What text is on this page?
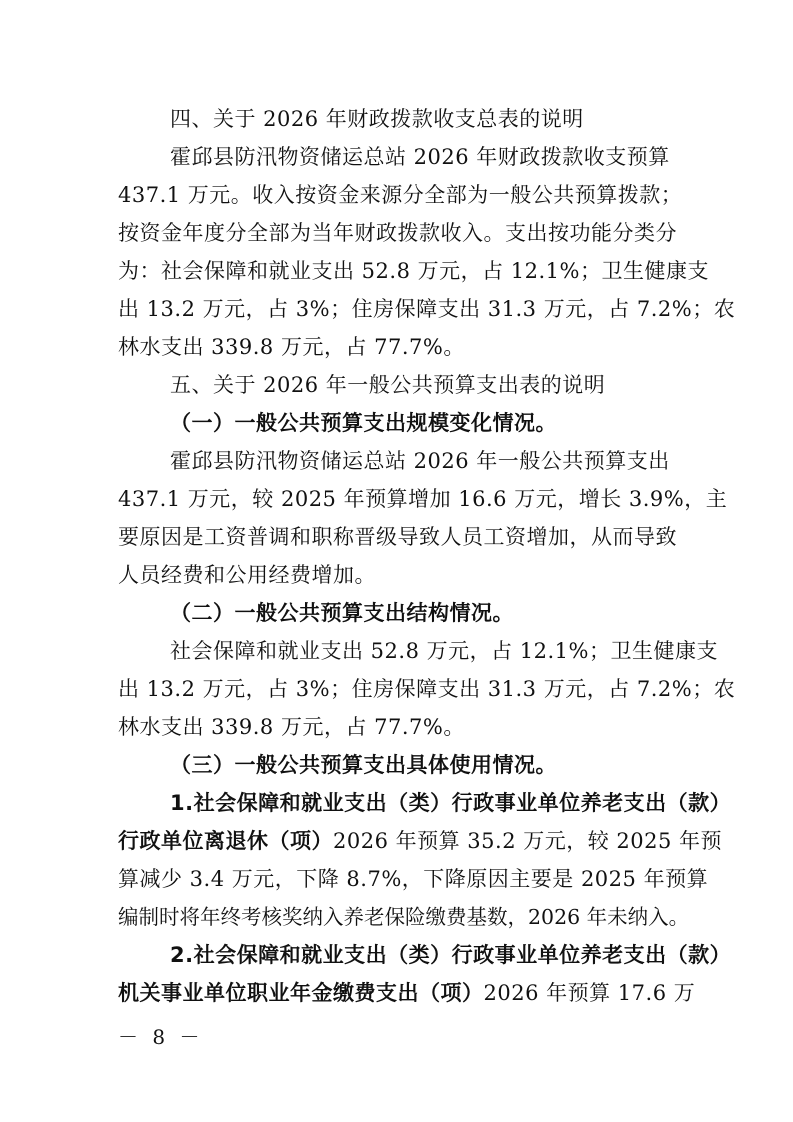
四、关于 2026 年财政拨款收支总表的说明
霍邱县防汛物资储运总站 2026 年财政拨款收支预算
437.1 万元。收入按资金来源分全部为一般公共预算拨款；
按资金年度分全部为当年财政拨款收入。支出按功能分类分
为：社会保障和就业支出 52.8 万元，占 12.1%；卫生健康支
出 13.2 万元，占 3%；住房保障支出 31.3 万元，占 7.2%；农
林水支出 339.8 万元，占 77.7%。
五、关于 2026 年一般公共预算支出表的说明
（一）一般公共预算支出规模变化情况。
霍邱县防汛物资储运总站 2026 年一般公共预算支出
437.1 万元，较 2025 年预算增加 16.6 万元，增长 3.9%，主
要原因是工资普调和职称晋级导致人员工资增加，从而导致
人员经费和公用经费增加。
（二）一般公共预算支出结构情况。
社会保障和就业支出 52.8 万元，占 12.1%；卫生健康支
出 13.2 万元，占 3%；住房保障支出 31.3 万元，占 7.2%；农
林水支出 339.8 万元，占 77.7%。
（三）一般公共预算支出具体使用情况。
1.社会保障和就业支出（类）行政事业单位养老支出（款）
行政单位离退休（项）2026 年预算 35.2 万元，较 2025 年预
算减少 3.4 万元，下降 8.7%，下降原因主要是 2025 年预算
编制时将年终考核奖纳入养老保险缴费基数，2026 年未纳入。
2.社会保障和就业支出（类）行政事业单位养老支出（款）
机关事业单位职业年金缴费支出（项）2026 年预算 17.6 万
－ 8 －
